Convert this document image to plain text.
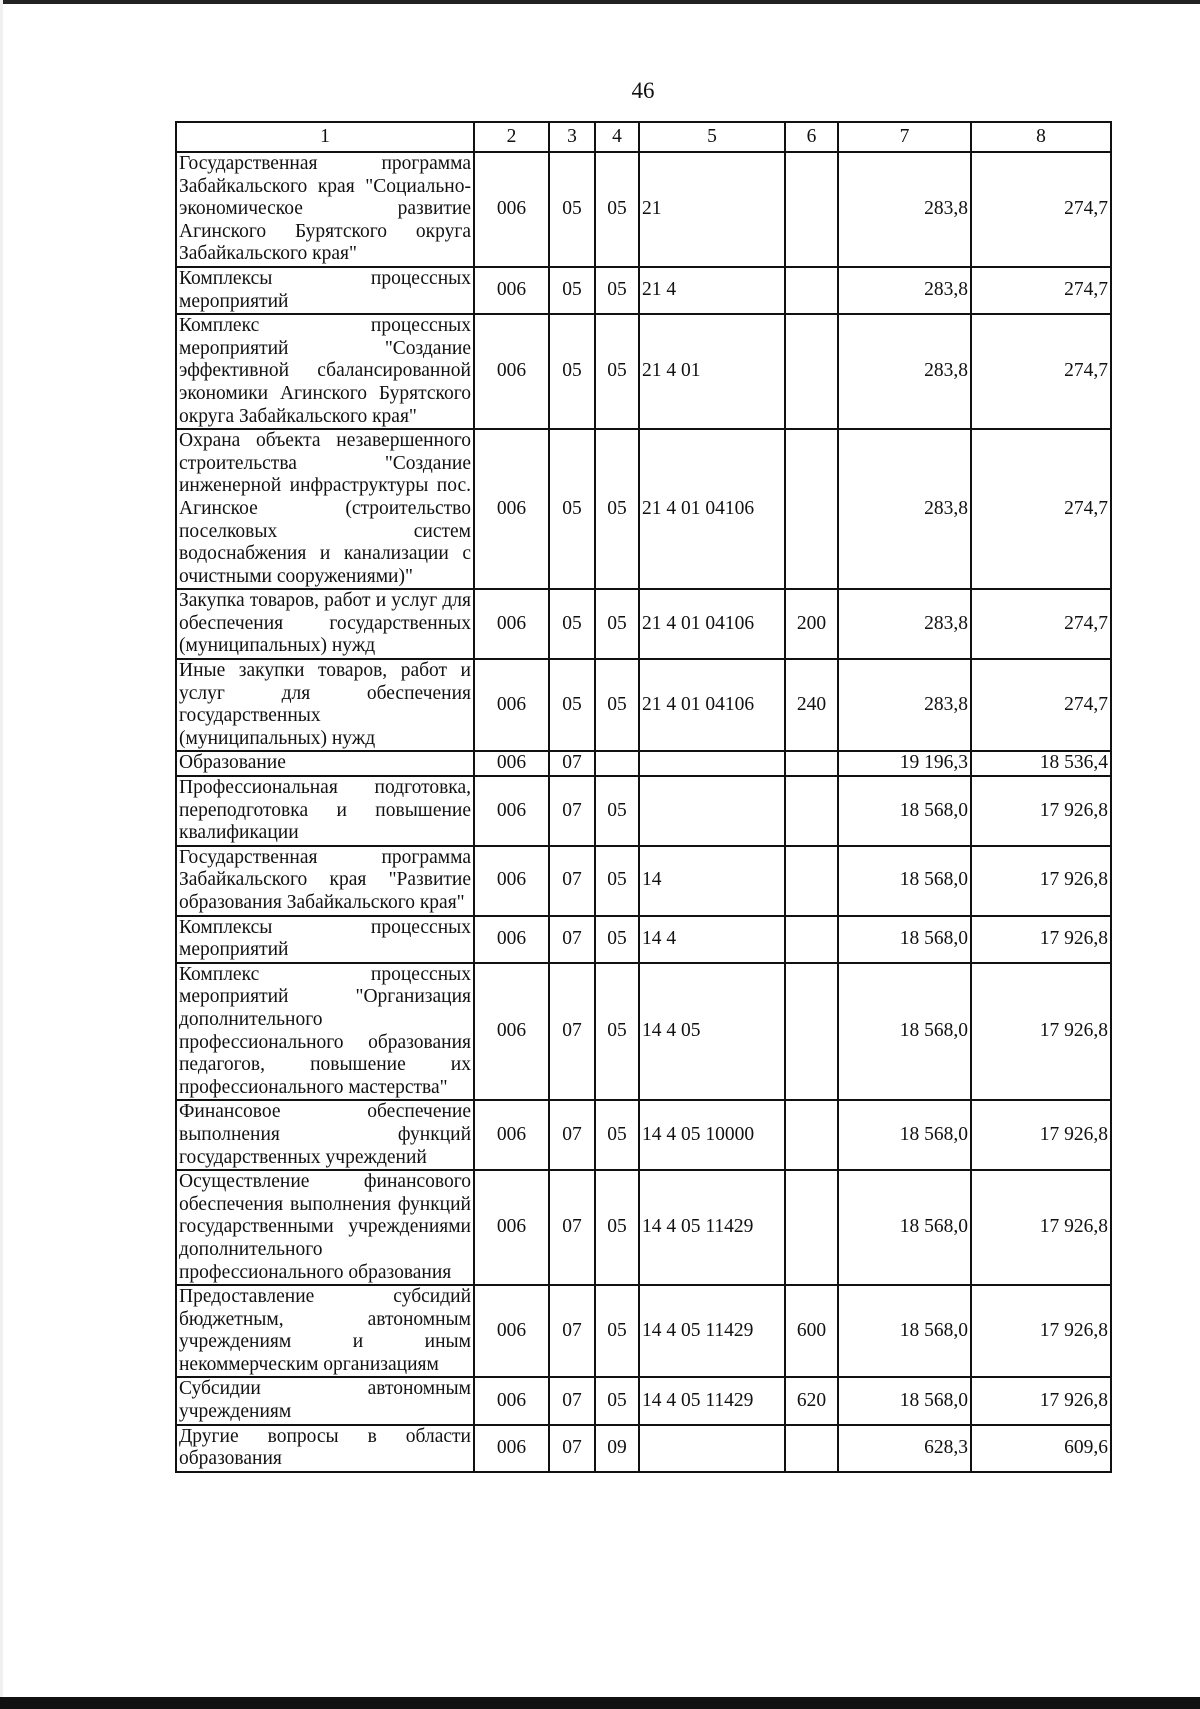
46
1	2	3	4	5	6	7	8
Государственная программа Забайкальского края "Социально-экономическое развитие Агинского Бурятского округа Забайкальского края"	006	05	05	21		283,8	274,7
Комплексы процессных мероприятий	006	05	05	21 4		283,8	274,7
Комплекс процессных мероприятий "Создание эффективной сбалансированной экономики Агинского Бурятского округа Забайкальского края"	006	05	05	21 4 01		283,8	274,7
Охрана объекта незавершенного строительства "Создание инженерной инфраструктуры пос. Агинское (строительство поселковых систем водоснабжения и канализации с очистными сооружениями)"	006	05	05	21 4 01 04106		283,8	274,7
Закупка товаров, работ и услуг для обеспечения государственных (муниципальных) нужд	006	05	05	21 4 01 04106	200	283,8	274,7
Иные закупки товаров, работ и услуг для обеспечения государственных (муниципальных) нужд	006	05	05	21 4 01 04106	240	283,8	274,7
Образование	006	07				19 196,3	18 536,4
Профессиональная подготовка, переподготовка и повышение квалификации	006	07	05			18 568,0	17 926,8
Государственная программа Забайкальского края "Развитие образования Забайкальского края"	006	07	05	14		18 568,0	17 926,8
Комплексы процессных мероприятий	006	07	05	14 4		18 568,0	17 926,8
Комплекс процессных мероприятий "Организация дополнительного профессионального образования педагогов, повышение их профессионального мастерства"	006	07	05	14 4 05		18 568,0	17 926,8
Финансовое обеспечение выполнения функций государственных учреждений	006	07	05	14 4 05 10000		18 568,0	17 926,8
Осуществление финансового обеспечения выполнения функций государственными учреждениями дополнительного профессионального образования	006	07	05	14 4 05 11429		18 568,0	17 926,8
Предоставление субсидий бюджетным, автономным учреждениям и иным некоммерческим организациям	006	07	05	14 4 05 11429	600	18 568,0	17 926,8
Субсидии автономным учреждениям	006	07	05	14 4 05 11429	620	18 568,0	17 926,8
Другие вопросы в области образования	006	07	09			628,3	609,6
